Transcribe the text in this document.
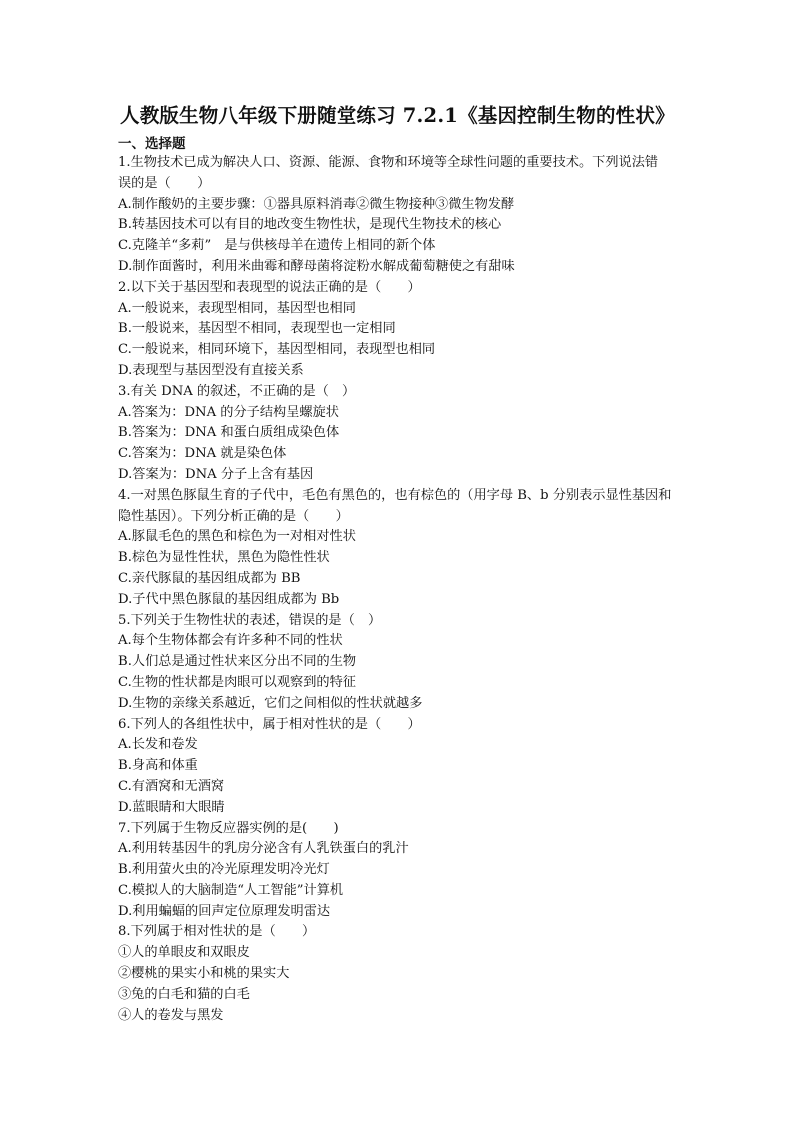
人教版生物八年级下册随堂练习 7.2.1《基因控制生物的性状》
一、选择题
1.生物技术已成为解决人口、资源、能源、食物和环境等全球性问题的重要技术。下列说法错
误的是（　　）
A.制作酸奶的主要步骤：①器具原料消毒②微生物接种③微生物发酵
B.转基因技术可以有目的地改变生物性状，是现代生物技术的核心
C.克隆羊“多莉”　是与供核母羊在遗传上相同的新个体
D.制作面酱时，利用米曲霉和酵母菌将淀粉水解成葡萄糖使之有甜味
2.以下关于基因型和表现型的说法正确的是（　　）
A.一般说来，表现型相同，基因型也相同
B.一般说来，基因型不相同，表现型也一定相同
C.一般说来，相同环境下，基因型相同，表现型也相同
D.表现型与基因型没有直接关系
3.有关 DNA 的叙述，不正确的是（　）
A.答案为：DNA 的分子结构呈螺旋状
B.答案为：DNA 和蛋白质组成染色体
C.答案为：DNA 就是染色体
D.答案为：DNA 分子上含有基因
4.一对黑色豚鼠生育的子代中，毛色有黑色的，也有棕色的（用字母 B、b 分别表示显性基因和
隐性基因）。下列分析正确的是（　　）
A.豚鼠毛色的黑色和棕色为一对相对性状
B.棕色为显性性状，黑色为隐性性状
C.亲代豚鼠的基因组成都为 BB
D.子代中黑色豚鼠的基因组成都为 Bb
5.下列关于生物性状的表述，错误的是（　）
A.每个生物体都会有许多种不同的性状
B.人们总是通过性状来区分出不同的生物
C.生物的性状都是肉眼可以观察到的特征
D.生物的亲缘关系越近，它们之间相似的性状就越多
6.下列人的各组性状中，属于相对性状的是（　　）
A.长发和卷发
B.身高和体重
C.有酒窝和无酒窝
D.蓝眼睛和大眼睛
7.下列属于生物反应器实例的是(　　)
A.利用转基因牛的乳房分泌含有人乳铁蛋白的乳汁
B.利用萤火虫的冷光原理发明冷光灯
C.模拟人的大脑制造“人工智能”计算机
D.利用蝙蝠的回声定位原理发明雷达
8.下列属于相对性状的是（　　）
①人的单眼皮和双眼皮
②樱桃的果实小和桃的果实大
③兔的白毛和猫的白毛
④人的卷发与黑发
